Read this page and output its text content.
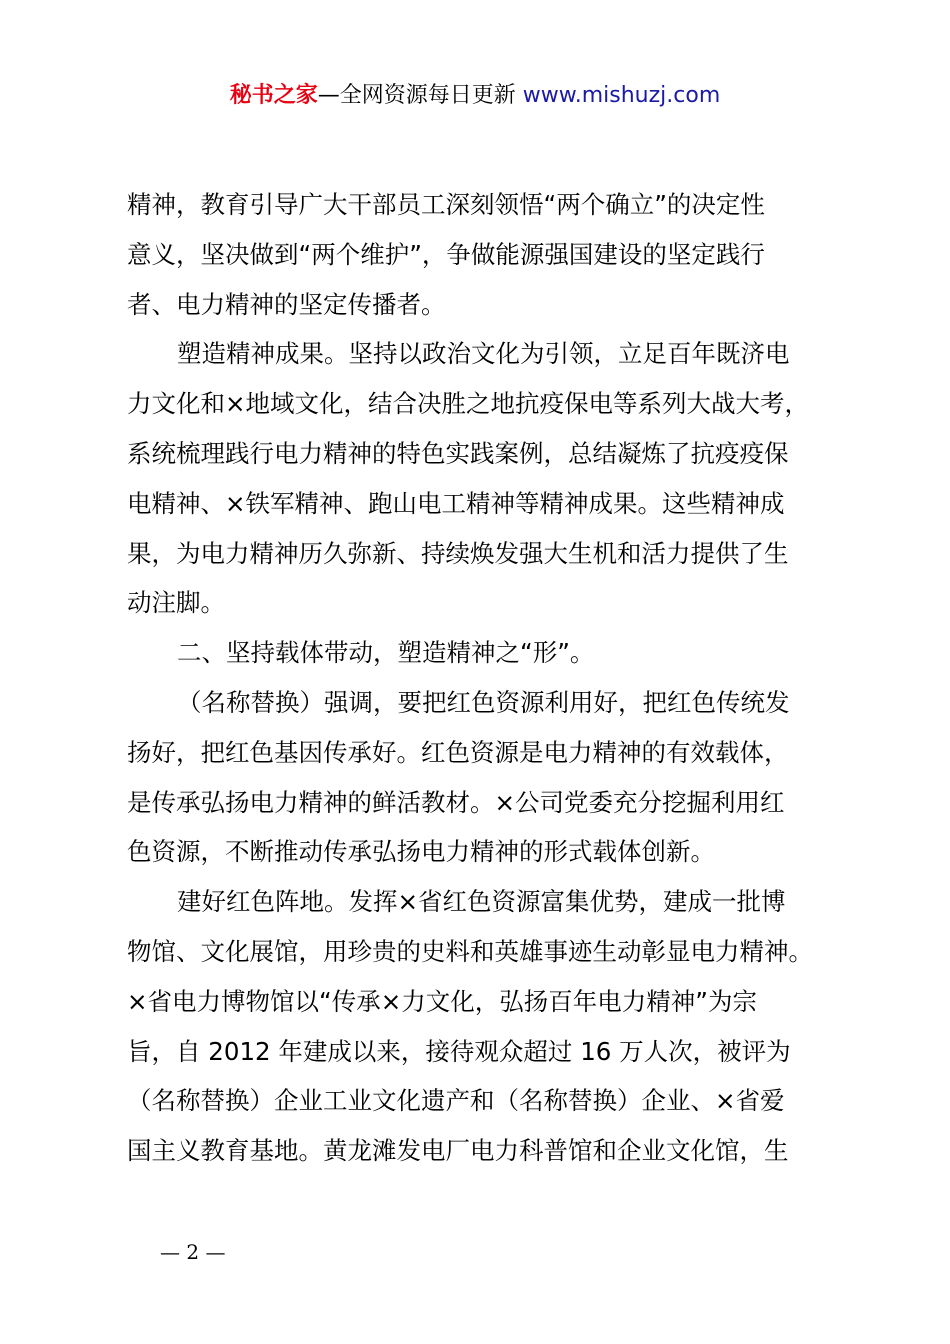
秘书之家—全网资源每日更新 www.mishuzj.com
精神，教育引导广大干部员工深刻领悟“两个确立”的决定性
意义，坚决做到“两个维护”，争做能源强国建设的坚定践行
者、电力精神的坚定传播者。
塑造精神成果。坚持以政治文化为引领，立足百年既济电
力文化和×地域文化，结合决胜之地抗疫保电等系列大战大考，
系统梳理践行电力精神的特色实践案例，总结凝炼了抗疫疫保
电精神、×铁军精神、跑山电工精神等精神成果。这些精神成
果，为电力精神历久弥新、持续焕发强大生机和活力提供了生
动注脚。
二、坚持载体带动，塑造精神之“形”。
（名称替换）强调，要把红色资源利用好，把红色传统发
扬好，把红色基因传承好。红色资源是电力精神的有效载体，
是传承弘扬电力精神的鲜活教材。×公司党委充分挖掘利用红
色资源，不断推动传承弘扬电力精神的形式载体创新。
建好红色阵地。发挥×省红色资源富集优势，建成一批博
物馆、文化展馆，用珍贵的史料和英雄事迹生动彰显电力精神。
×省电力博物馆以“传承×力文化，弘扬百年电力精神”为宗
旨，自 2012 年建成以来，接待观众超过 16 万人次，被评为
（名称替换）企业工业文化遗产和（名称替换）企业、×省爱
国主义教育基地。黄龙滩发电厂电力科普馆和企业文化馆，生
— 2 —
